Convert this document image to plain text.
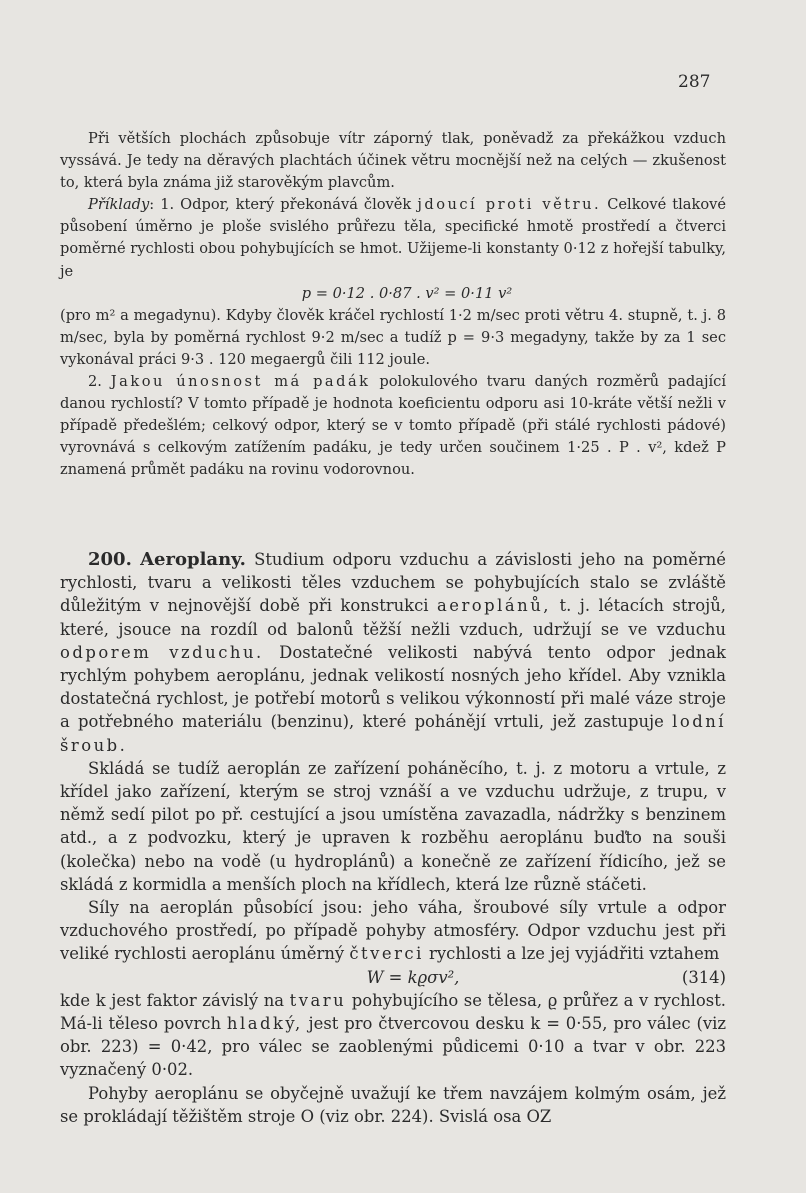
287

Při větších plochách způsobuje vítr záporný tlak, poněvadž za překážkou vzduch vyssává. Je tedy na děravých plachtách účinek větru mocnější než na celých — zkušenost to, která byla známa již starověkým plavcům.

Příklady: 1. Odpor, který překonává člověk jdoucí proti větru. Celkové tlakové působení úměrno je ploše svislého průřezu těla, specifické hmotě prostředí a čtverci poměrné rychlosti obou pohybujících se hmot. Užijeme-li konstanty 0·12 z hořejší tabulky, je

p = 0·12 . 0·87 . v² = 0·11 v²

(pro m² a megadynu). Kdyby člověk kráčel rychlostí 1·2 m/sec proti větru 4. stupně, t. j. 8 m/sec, byla by poměrná rychlost 9·2 m/sec a tudíž p = 9·3 megadyny, takže by za 1 sec vykonával práci 9·3 . 120 megaergů čili 112 joule.

2. Jakou únosnost má padák polokulového tvaru daných rozměrů padající danou rychlostí? V tomto případě je hodnota koeficientu odporu asi 10-kráte větší nežli v případě předešlém; celkový odpor, který se v tomto případě (při stálé rychlosti pádové) vyrovnává s celkovým zatížením padáku, je tedy určen součinem 1·25 . P . v², kdež P znamená průmět padáku na rovinu vodorovnou.

200. Aeroplany. Studium odporu vzduchu a závislosti jeho na poměrné rychlosti, tvaru a velikosti těles vzduchem se pohybujících stalo se zvláště důležitým v nejnovější době při konstrukci aeroplánů, t. j. létacích strojů, které, jsouce na rozdíl od balonů těžší nežli vzduch, udržují se ve vzduchu odporem vzduchu. Dostatečné velikosti nabývá tento odpor jednak rychlým pohybem aeroplánu, jednak velikostí nosných jeho křídel. Aby vznikla dostatečná rychlost, je potřebí motorů s velikou výkonností při malé váze stroje a potřebného materiálu (benzinu), které pohánějí vrtuli, jež zastupuje lodní šroub.

Skládá se tudíž aeroplán ze zařízení poháněcího, t. j. z motoru a vrtule, z křídel jako zařízení, kterým se stroj vznáší a ve vzduchu udržuje, z trupu, v němž sedí pilot po př. cestující a jsou umístěna zavazadla, nádržky s benzinem atd., a z podvozku, který je upraven k rozběhu aeroplánu buďto na souši (kolečka) nebo na vodě (u hydroplánů) a konečně ze zařízení řídicího, jež se skládá z kormidla a menších ploch na křídlech, která lze různě stáčeti.

Síly na aeroplán působící jsou: jeho váha, šroubové síly vrtule a odpor vzduchového prostředí, po případě pohyby atmosféry. Odpor vzduchu jest při veliké rychlosti aeroplánu úměrný čtverci rychlosti a lze jej vyjádřiti vztahem

W = kϱσv²,	(314)

kde k jest faktor závislý na tvaru pohybujícího se tělesa, ϱ průřez a v rychlost. Má-li těleso povrch hladký, jest pro čtvercovou desku k = 0·55, pro válec (viz obr. 223) = 0·42, pro válec se zaoblenými půdicemi 0·10 a tvar v obr. 223 vyznačený 0·02.

Pohyby aeroplánu se obyčejně uvažují ke třem navzájem kolmým osám, jež se prokládají těžištěm stroje O (viz obr. 224). Svislá osa OZ
